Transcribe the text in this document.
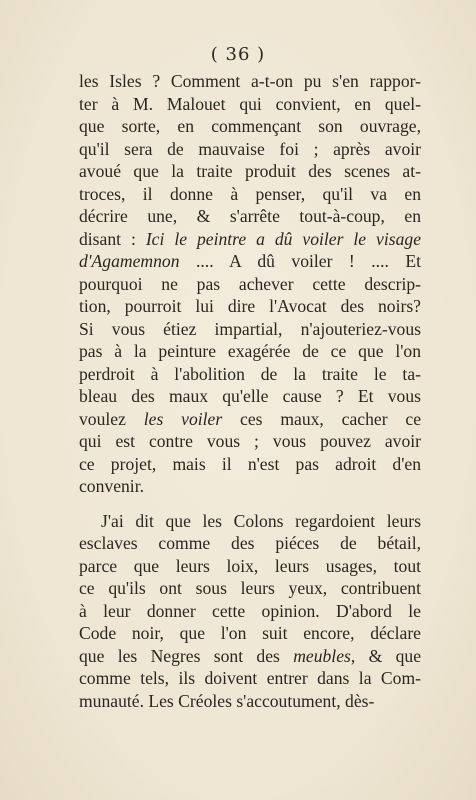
( 36 )
les Isles ? Comment a-t-on pu s'en rappor-
ter à M. Malouet qui convient, en quel-
que sorte, en commençant son ouvrage,
qu'il sera de mauvaise foi ; après avoir
avoué que la traite produit des scenes at-
troces, il donne à penser, qu'il va en
décrire une, & s'arrête tout-à-coup, en
disant : Ici le peintre a dû voiler le visage
d'Agamemnon .... A dû voiler ! .... Et
pourquoi ne pas achever cette descrip-
tion, pourroit lui dire l'Avocat des noirs?
Si vous étiez impartial, n'ajouteriez-vous
pas à la peinture exagérée de ce que l'on
perdroit à l'abolition de la traite le ta-
bleau des maux qu'elle cause ? Et vous
voulez les voiler ces maux, cacher ce
qui est contre vous ; vous pouvez avoir
ce projet, mais il n'est pas adroit d'en
convenir.
J'ai dit que les Colons regardoient leurs
esclaves comme des piéces de bétail,
parce que leurs loix, leurs usages, tout
ce qu'ils ont sous leurs yeux, contribuent
à leur donner cette opinion. D'abord le
Code noir, que l'on suit encore, déclare
que les Negres sont des meubles, & que
comme tels, ils doivent entrer dans la Com-
munauté. Les Créoles s'accoutument, dès-
